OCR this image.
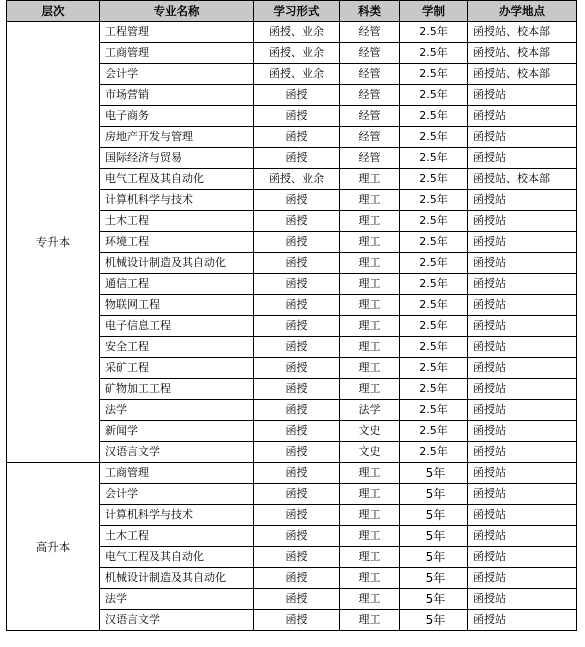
层次	专业名称	学习形式	科类	学制	办学地点
专升本	工程管理	函授、业余	经管	2.5年	函授站、校本部
	工商管理	函授、业余	经管	2.5年	函授站、校本部
	会计学	函授、业余	经管	2.5年	函授站、校本部
	市场营销	函授	经管	2.5年	函授站
	电子商务	函授	经管	2.5年	函授站
	房地产开发与管理	函授	经管	2.5年	函授站
	国际经济与贸易	函授	经管	2.5年	函授站
	电气工程及其自动化	函授、业余	理工	2.5年	函授站、校本部
	计算机科学与技术	函授	理工	2.5年	函授站
	土木工程	函授	理工	2.5年	函授站
	环境工程	函授	理工	2.5年	函授站
	机械设计制造及其自动化	函授	理工	2.5年	函授站
	通信工程	函授	理工	2.5年	函授站
	物联网工程	函授	理工	2.5年	函授站
	电子信息工程	函授	理工	2.5年	函授站
	安全工程	函授	理工	2.5年	函授站
	采矿工程	函授	理工	2.5年	函授站
	矿物加工工程	函授	理工	2.5年	函授站
	法学	函授	法学	2.5年	函授站
	新闻学	函授	文史	2.5年	函授站
	汉语言文学	函授	文史	2.5年	函授站
高升本	工商管理	函授	理工	5年	函授站
	会计学	函授	理工	5年	函授站
	计算机科学与技术	函授	理工	5年	函授站
	土木工程	函授	理工	5年	函授站
	电气工程及其自动化	函授	理工	5年	函授站
	机械设计制造及其自动化	函授	理工	5年	函授站
	法学	函授	理工	5年	函授站
	汉语言文学	函授	理工	5年	函授站
